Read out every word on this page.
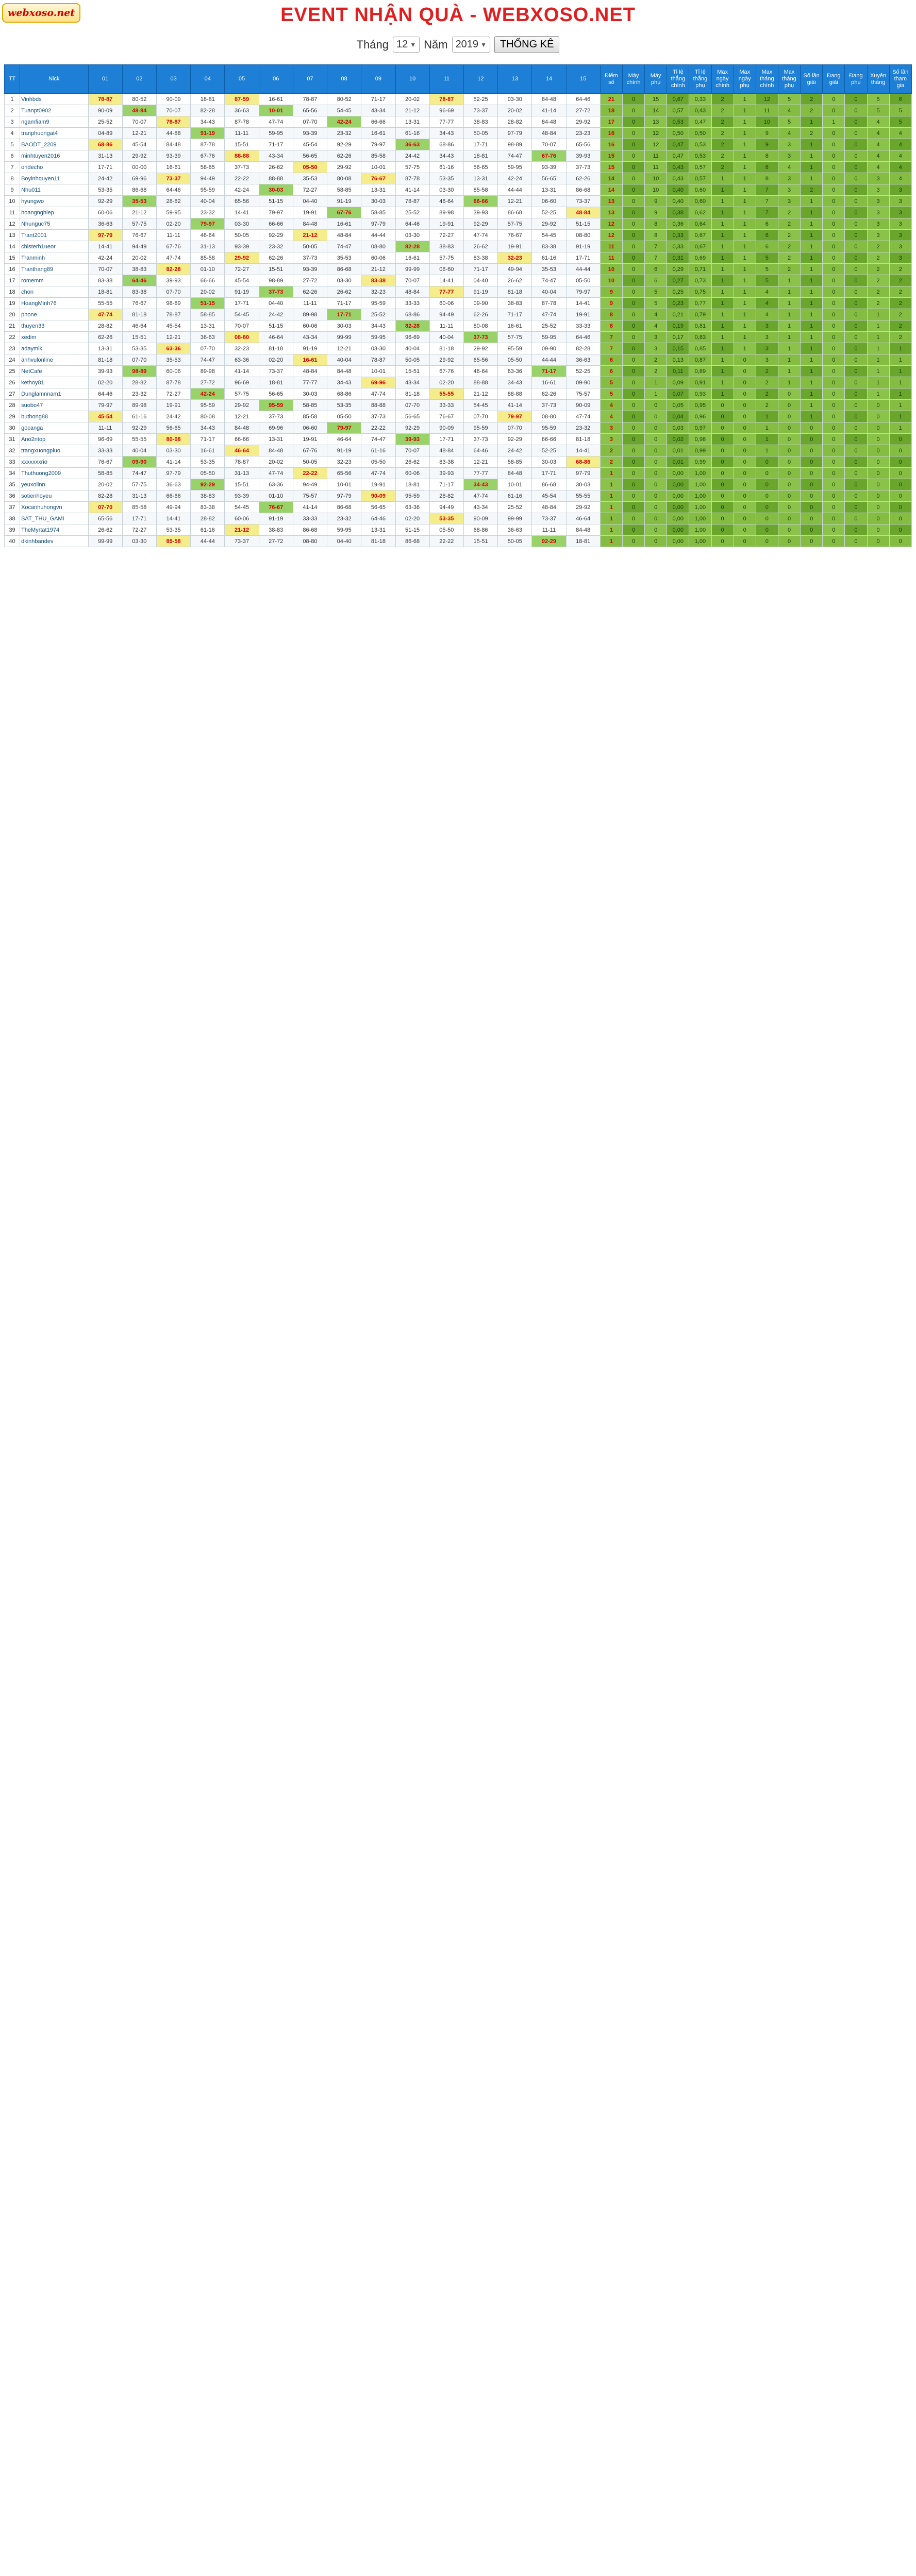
webxoso.net	EVENT NHẬN QUÀ - WEBXOSO.NET
Tháng 12 ▼ Năm 2019 ▼	THỐNG KÊ
TT	Nick	01	02	03	04	05	06	07	08	09	10	11	12	13	14	15	Điểm số	Máy chính	Máy phụ	Tỉ lệ thắng chính	Tỉ lệ thắng phụ	Max ngày chính	Max ngày phụ	Max tháng chính	Max tháng phụ	Số lần giải	Đang giải	Đang phụ	Xuyên tháng	Số lần tham gia
1	Vinhbds	78-87	80-52	90-09	18-81	87-59	16-61	78-87	80-52	71-17	20-02	78-87	52-25	03-30	84-48	64-46	21	0	15	0,67	0,33	2	1	12	5	2	0	0	5	6
2	Tuanpt0902	90-09	48-84	70-07	82-28	36-63	10-01	65-56	54-45	43-34	21-12	96-69	73-37	20-02	41-14	27-72	18	0	14	0,57	0,43	2	1	11	4	2	0	0	5	5
3	ngamfiam9	25-52	70-07	78-87	34-43	87-78	47-74	07-70	42-24	66-66	13-31	77-77	38-83	28-82	84-48	29-92	17	0	13	0,53	0,47	2	1	10	5	1	1	0	4	5
4	tranphuongat4	04-89	12-21	44-88	91-19	11-11	59-95	93-39	23-32	16-61	61-16	34-43	50-05	97-79	48-84	23-23	16	0	12	0,50	0,50	2	1	9	4	2	0	0	4	4
5	BAODT_2209	68-86	45-54	84-48	87-78	15-51	71-17	45-54	92-29	79-97	36-63	68-86	17-71	98-89	70-07	65-56	16	0	12	0,47	0,53	2	1	9	3	1	0	0	4	4
6	minhtuyen2016	31-13	29-92	93-39	67-76	88-88	43-34	56-65	62-26	85-58	24-42	34-43	18-81	74-47	67-76	39-93	15	0	11	0,47	0,53	2	1	8	3	1	0	0	4	4
7	ohdecho	17-71	00-00	16-61	58-85	37-73	26-62	05-50	29-92	10-01	57-75	61-16	56-65	59-95	93-39	37-73	15	0	11	0,43	0,57	2	1	8	4	1	0	0	4	4
8	Boyinhquyen11	24-42	69-96	73-37	94-49	22-22	88-88	35-53	80-08	76-67	87-78	53-35	13-31	42-24	56-65	62-26	14	0	10	0,43	0,57	1	1	8	3	1	0	0	3	4
9	Nhu011	53-35	86-68	64-46	95-59	42-24	30-03	72-27	58-85	13-31	41-14	03-30	85-58	44-44	13-31	86-68	14	0	10	0,40	0,60	1	1	7	3	2	0	0	3	3
10	hyungwo	92-29	35-53	28-82	40-04	65-56	51-15	04-40	91-19	30-03	78-87	46-64	66-66	12-21	06-60	73-37	13	0	9	0,40	0,60	1	1	7	3	1	0	0	3	3
11	hoangnghiep	60-06	21-12	59-95	23-32	14-41	79-97	19-91	67-76	58-85	25-52	89-98	39-93	86-68	52-25	48-84	13	0	9	0,38	0,62	1	1	7	2	1	0	0	3	3
12	Nhunguc75	36-63	57-75	02-20	79-97	03-30	66-66	84-48	16-61	97-79	64-46	19-91	92-29	57-75	29-92	51-15	12	0	8	0,36	0,64	1	1	6	2	1	0	0	3	3
13	Trant2001	97-79	76-67	11-11	46-64	50-05	92-29	21-12	48-84	44-44	03-30	72-27	47-74	76-67	54-45	08-80	12	0	8	0,33	0,67	1	1	6	2	1	0	0	3	3
14	chisterh1ueor	14-41	94-49	67-76	31-13	93-39	23-32	50-05	74-47	08-80	82-28	38-83	26-62	19-91	83-38	91-19	11	0	7	0,33	0,67	1	1	6	2	1	0	0	2	3
15	Tranminh	42-24	20-02	47-74	85-58	29-92	62-26	37-73	35-53	60-06	16-61	57-75	83-38	32-23	61-16	17-71	11	0	7	0,31	0,69	1	1	5	2	1	0	0	2	3
16	Tranthang89	70-07	38-83	82-28	01-10	72-27	15-51	93-39	86-68	21-12	99-99	06-60	71-17	49-94	35-53	44-44	10	0	6	0,29	0,71	1	1	5	2	1	0	0	2	2
17	romemm	83-38	64-46	39-93	66-66	45-54	98-89	27-72	03-30	83-38	70-07	14-41	04-40	26-62	74-47	05-50	10	0	6	0,27	0,73	1	1	5	1	1	0	0	2	2
18	chon	18-81	83-38	07-70	20-02	91-19	37-73	62-26	26-62	32-23	48-84	77-77	91-19	81-18	40-04	79-97	9	0	5	0,25	0,75	1	1	4	1	1	0	0	2	2
19	HoangMinh76	55-55	76-67	98-89	51-15	17-71	04-40	11-11	71-17	95-59	33-33	60-06	09-90	38-83	87-78	14-41	9	0	5	0,23	0,77	1	1	4	1	1	0	0	2	2
20	phone	47-74	81-18	78-87	58-85	54-45	24-42	89-98	17-71	25-52	68-86	94-49	62-26	71-17	47-74	19-91	8	0	4	0,21	0,79	1	1	4	1	1	0	0	1	2
21	thuyen33	28-82	46-64	45-54	13-31	70-07	51-15	60-06	30-03	34-43	82-28	11-11	80-08	16-61	25-52	33-33	8	0	4	0,19	0,81	1	1	3	1	1	0	0	1	2
22	xedim	62-26	15-51	12-21	36-63	08-80	46-64	43-34	99-99	59-95	96-69	40-04	37-73	57-75	59-95	64-46	7	0	3	0,17	0,83	1	1	3	1	1	0	0	1	2
23	adaymik	13-31	53-35	63-36	07-70	32-23	81-18	91-19	12-21	03-30	40-04	81-18	29-92	95-59	09-90	82-28	7	0	3	0,15	0,85	1	1	3	1	1	0	0	1	1
24	anhvulonline	81-18	07-70	35-53	74-47	63-36	02-20	16-61	40-04	78-87	50-05	29-92	65-56	05-50	44-44	36-63	6	0	2	0,13	0,87	1	0	3	1	1	0	0	1	1
25	NetCafe	39-93	98-89	60-06	89-98	41-14	73-37	48-84	84-48	10-01	15-51	67-76	46-64	63-36	71-17	52-25	6	0	2	0,11	0,89	1	0	2	1	1	0	0	1	1
26	kethoy81	02-20	28-82	87-78	27-72	96-69	18-81	77-77	34-43	69-96	43-34	02-20	88-88	34-43	16-61	09-90	5	0	1	0,09	0,91	1	0	2	1	1	0	0	1	1
27	Dunglamnnam1	64-46	23-32	72-27	42-24	57-75	56-65	30-03	68-86	47-74	81-18	55-55	21-12	88-88	62-26	75-57	5	0	1	0,07	0,93	1	0	2	0	1	0	0	1	1
28	suobo47	79-97	89-98	19-91	95-59	29-92	95-59	58-85	53-35	88-88	07-70	33-33	54-45	41-14	37-73	90-09	4	0	0	0,05	0,95	0	0	2	0	1	0	0	0	1
29	buthong88	45-54	61-16	24-42	80-08	12-21	37-73	85-58	05-50	37-73	56-65	76-67	07-70	79-97	08-80	47-74	4	0	0	0,04	0,96	0	0	1	0	1	0	0	0	1
30	gocanga	11-11	92-29	56-65	34-43	84-48	69-96	06-60	79-97	22-22	92-29	90-09	95-59	07-70	95-59	23-32	3	0	0	0,03	0,97	0	0	1	0	0	0	0	0	1
31	Ano2ntop	96-69	55-55	80-08	71-17	66-66	13-31	19-91	46-64	74-47	39-93	17-71	37-73	92-29	66-66	81-18	3	0	0	0,02	0,98	0	0	1	0	0	0	0	0	0
32	trangxuongpluo	33-33	40-04	03-30	16-61	46-64	84-48	67-76	91-19	61-16	70-07	48-84	64-46	24-42	52-25	14-41	2	0	0	0,01	0,99	0	0	1	0	0	0	0	0	0
33	xxxxxxxrio	76-67	09-90	41-14	53-35	78-87	20-02	50-05	32-23	05-50	26-62	83-38	12-21	58-85	30-03	68-86	2	0	0	0,01	0,99	0	0	0	0	0	0	0	0	0
34	Thuthuong2009	58-85	74-47	97-79	05-50	31-13	47-74	22-22	65-56	47-74	60-06	39-93	77-77	84-48	17-71	97-79	1	0	0	0,00	1,00	0	0	0	0	0	0	0	0	0
35	yeuxolinn	20-02	57-75	36-63	92-29	15-51	63-36	94-49	10-01	19-91	18-81	71-17	34-43	10-01	86-68	30-03	1	0	0	0,00	1,00	0	0	0	0	0	0	0	0	0
36	sotienhoyeu	82-28	31-13	66-66	38-83	93-39	01-10	75-57	97-79	90-09	95-59	28-82	47-74	61-16	45-54	55-55	1	0	0	0,00	1,00	0	0	0	0	0	0	0	0	0
37	Xocanhuhongvn	07-70	85-58	49-94	83-38	54-45	76-67	41-14	86-68	56-65	63-36	94-49	43-34	25-52	48-84	29-92	1	0	0	0,00	1,00	0	0	0	0	0	0	0	0	0
38	SAT_THU_GAMI	65-56	17-71	14-41	28-82	60-06	91-19	33-33	23-32	64-46	02-20	53-35	90-09	99-99	73-37	46-64	1	0	0	0,00	1,00	0	0	0	0	0	0	0	0	0
39	TheMyrtat1974	26-62	72-27	53-35	61-16	21-12	38-83	86-68	59-95	13-31	51-15	05-50	68-86	36-63	11-11	84-48	1	0	0	0,00	1,00	0	0	0	0	0	0	0	0	0
40	dkinhbandev	99-99	03-30	85-58	44-44	73-37	27-72	08-80	04-40	81-18	86-68	22-22	15-51	50-05	92-29	18-81	1	0	0	0,00	1,00	0	0	0	0	0	0	0	0	0
